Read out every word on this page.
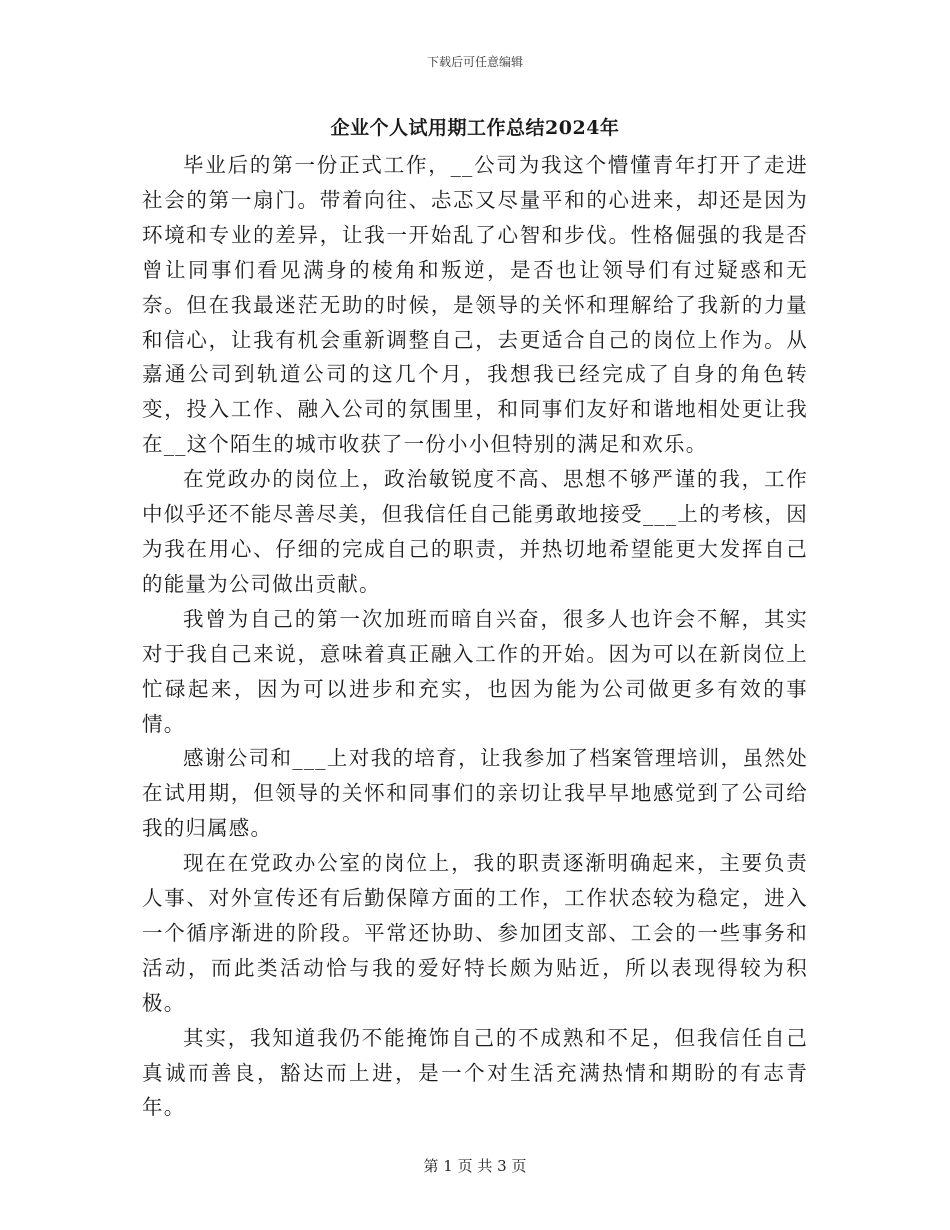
下载后可任意编辑
企业个人试用期工作总结2024年

毕业后的第一份正式工作，__公司为我这个懵懂青年打开了走进社会的第一扇门。带着向往、忐忑又尽量平和的心进来，却还是因为环境和专业的差异，让我一开始乱了心智和步伐。性格倔强的我是否曾让同事们看见满身的棱角和叛逆，是否也让领导们有过疑惑和无奈。但在我最迷茫无助的时候，是领导的关怀和理解给了我新的力量和信心，让我有机会重新调整自己，去更适合自己的岗位上作为。从嘉通公司到轨道公司的这几个月，我想我已经完成了自身的角色转变，投入工作、融入公司的氛围里，和同事们友好和谐地相处更让我在__这个陌生的城市收获了一份小小但特别的满足和欢乐。

在党政办的岗位上，政治敏锐度不高、思想不够严谨的我，工作中似乎还不能尽善尽美，但我信任自己能勇敢地接受___上的考核，因为我在用心、仔细的完成自己的职责，并热切地希望能更大发挥自己的能量为公司做出贡献。

我曾为自己的第一次加班而暗自兴奋，很多人也许会不解，其实对于我自己来说，意味着真正融入工作的开始。因为可以在新岗位上忙碌起来，因为可以进步和充实，也因为能为公司做更多有效的事情。

感谢公司和___上对我的培育，让我参加了档案管理培训，虽然处在试用期，但领导的关怀和同事们的亲切让我早早地感觉到了公司给我的归属感。

现在在党政办公室的岗位上，我的职责逐渐明确起来，主要负责人事、对外宣传还有后勤保障方面的工作，工作状态较为稳定，进入一个循序渐进的阶段。平常还协助、参加团支部、工会的一些事务和活动，而此类活动恰与我的爱好特长颇为贴近，所以表现得较为积极。

其实，我知道我仍不能掩饰自己的不成熟和不足，但我信任自己真诚而善良，豁达而上进，是一个对生活充满热情和期盼的有志青年。

第 1 页 共 3 页
